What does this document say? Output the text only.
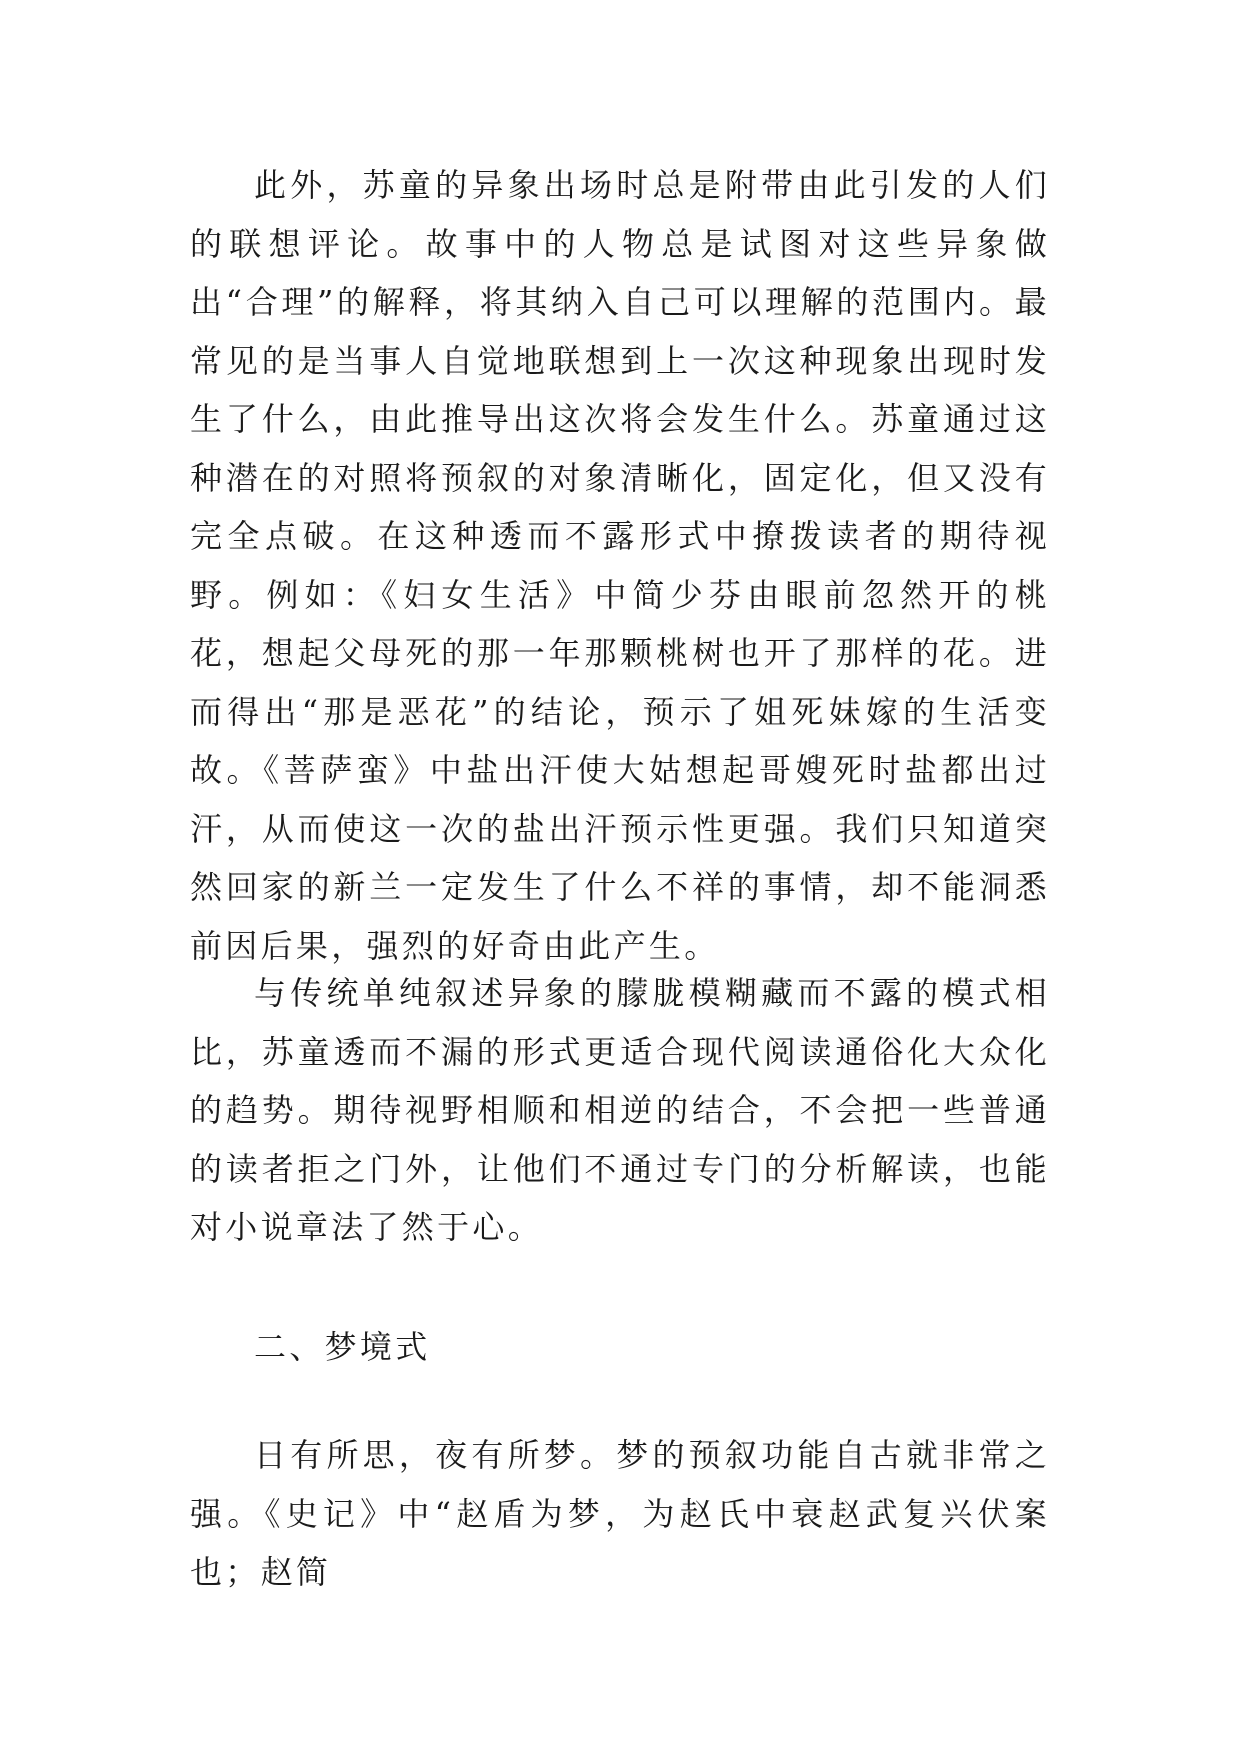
此外，苏童的异象出场时总是附带由此引发的人们的联想评论。故事中的人物总是试图对这些异象做出“合理”的解释，将其纳入自己可以理解的范围内。最常见的是当事人自觉地联想到上一次这种现象出现时发生了什么，由此推导出这次将会发生什么。苏童通过这种潜在的对照将预叙的对象清晰化，固定化，但又没有完全点破。在这种透而不露形式中撩拨读者的期待视野。例如：《妇女生活》中简少芬由眼前忽然开的桃花，想起父母死的那一年那颗桃树也开了那样的花。进而得出“那是恶花”的结论，预示了姐死妹嫁的生活变故。《菩萨蛮》中盐出汗使大姑想起哥嫂死时盐都出过汗，从而使这一次的盐出汗预示性更强。我们只知道突然回家的新兰一定发生了什么不祥的事情，却不能洞悉前因后果，强烈的好奇由此产生。

与传统单纯叙述异象的朦胧模糊藏而不露的模式相比，苏童透而不漏的形式更适合现代阅读通俗化大众化的趋势。期待视野相顺和相逆的结合，不会把一些普通的读者拒之门外，让他们不通过专门的分析解读，也能对小说章法了然于心。

二、梦境式

日有所思，夜有所梦。梦的预叙功能自古就非常之强。《史记》中“赵盾为梦，为赵氏中衰赵武复兴伏案也；赵简
